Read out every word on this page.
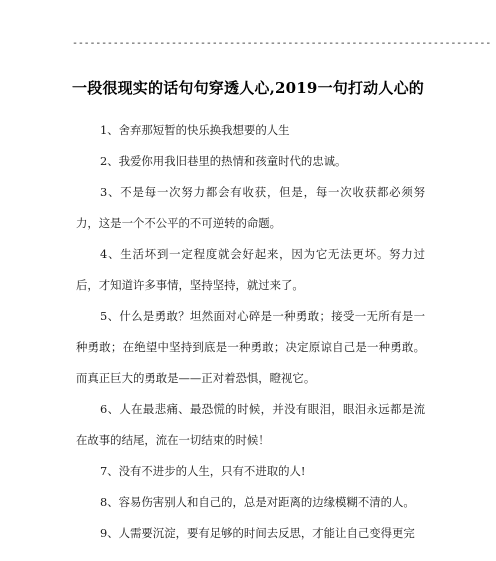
------------------------------------------------------------------------
一段很现实的话句句穿透人心,2019一句打动人心的

1、舍弃那短暂的快乐换我想要的人生

2、我爱你用我旧巷里的热情和孩童时代的忠诚。

3、不是每一次努力都会有收获，但是，每一次收获都必须努力，这是一个不公平的不可逆转的命题。

4、生活坏到一定程度就会好起来，因为它无法更坏。努力过后，才知道许多事情，坚持坚持，就过来了。

5、什么是勇敢？坦然面对心碎是一种勇敢；接受一无所有是一种勇敢；在绝望中坚持到底是一种勇敢；决定原谅自己是一种勇敢。而真正巨大的勇敢是——正对着恐惧，瞪视它。

6、人在最悲痛、最恐慌的时候，并没有眼泪，眼泪永远都是流在故事的结尾，流在一切结束的时候！

7、没有不进步的人生，只有不进取的人!

8、容易伤害别人和自己的，总是对距离的边缘模糊不清的人。

9、人需要沉淀，要有足够的时间去反思，才能让自己变得更完
